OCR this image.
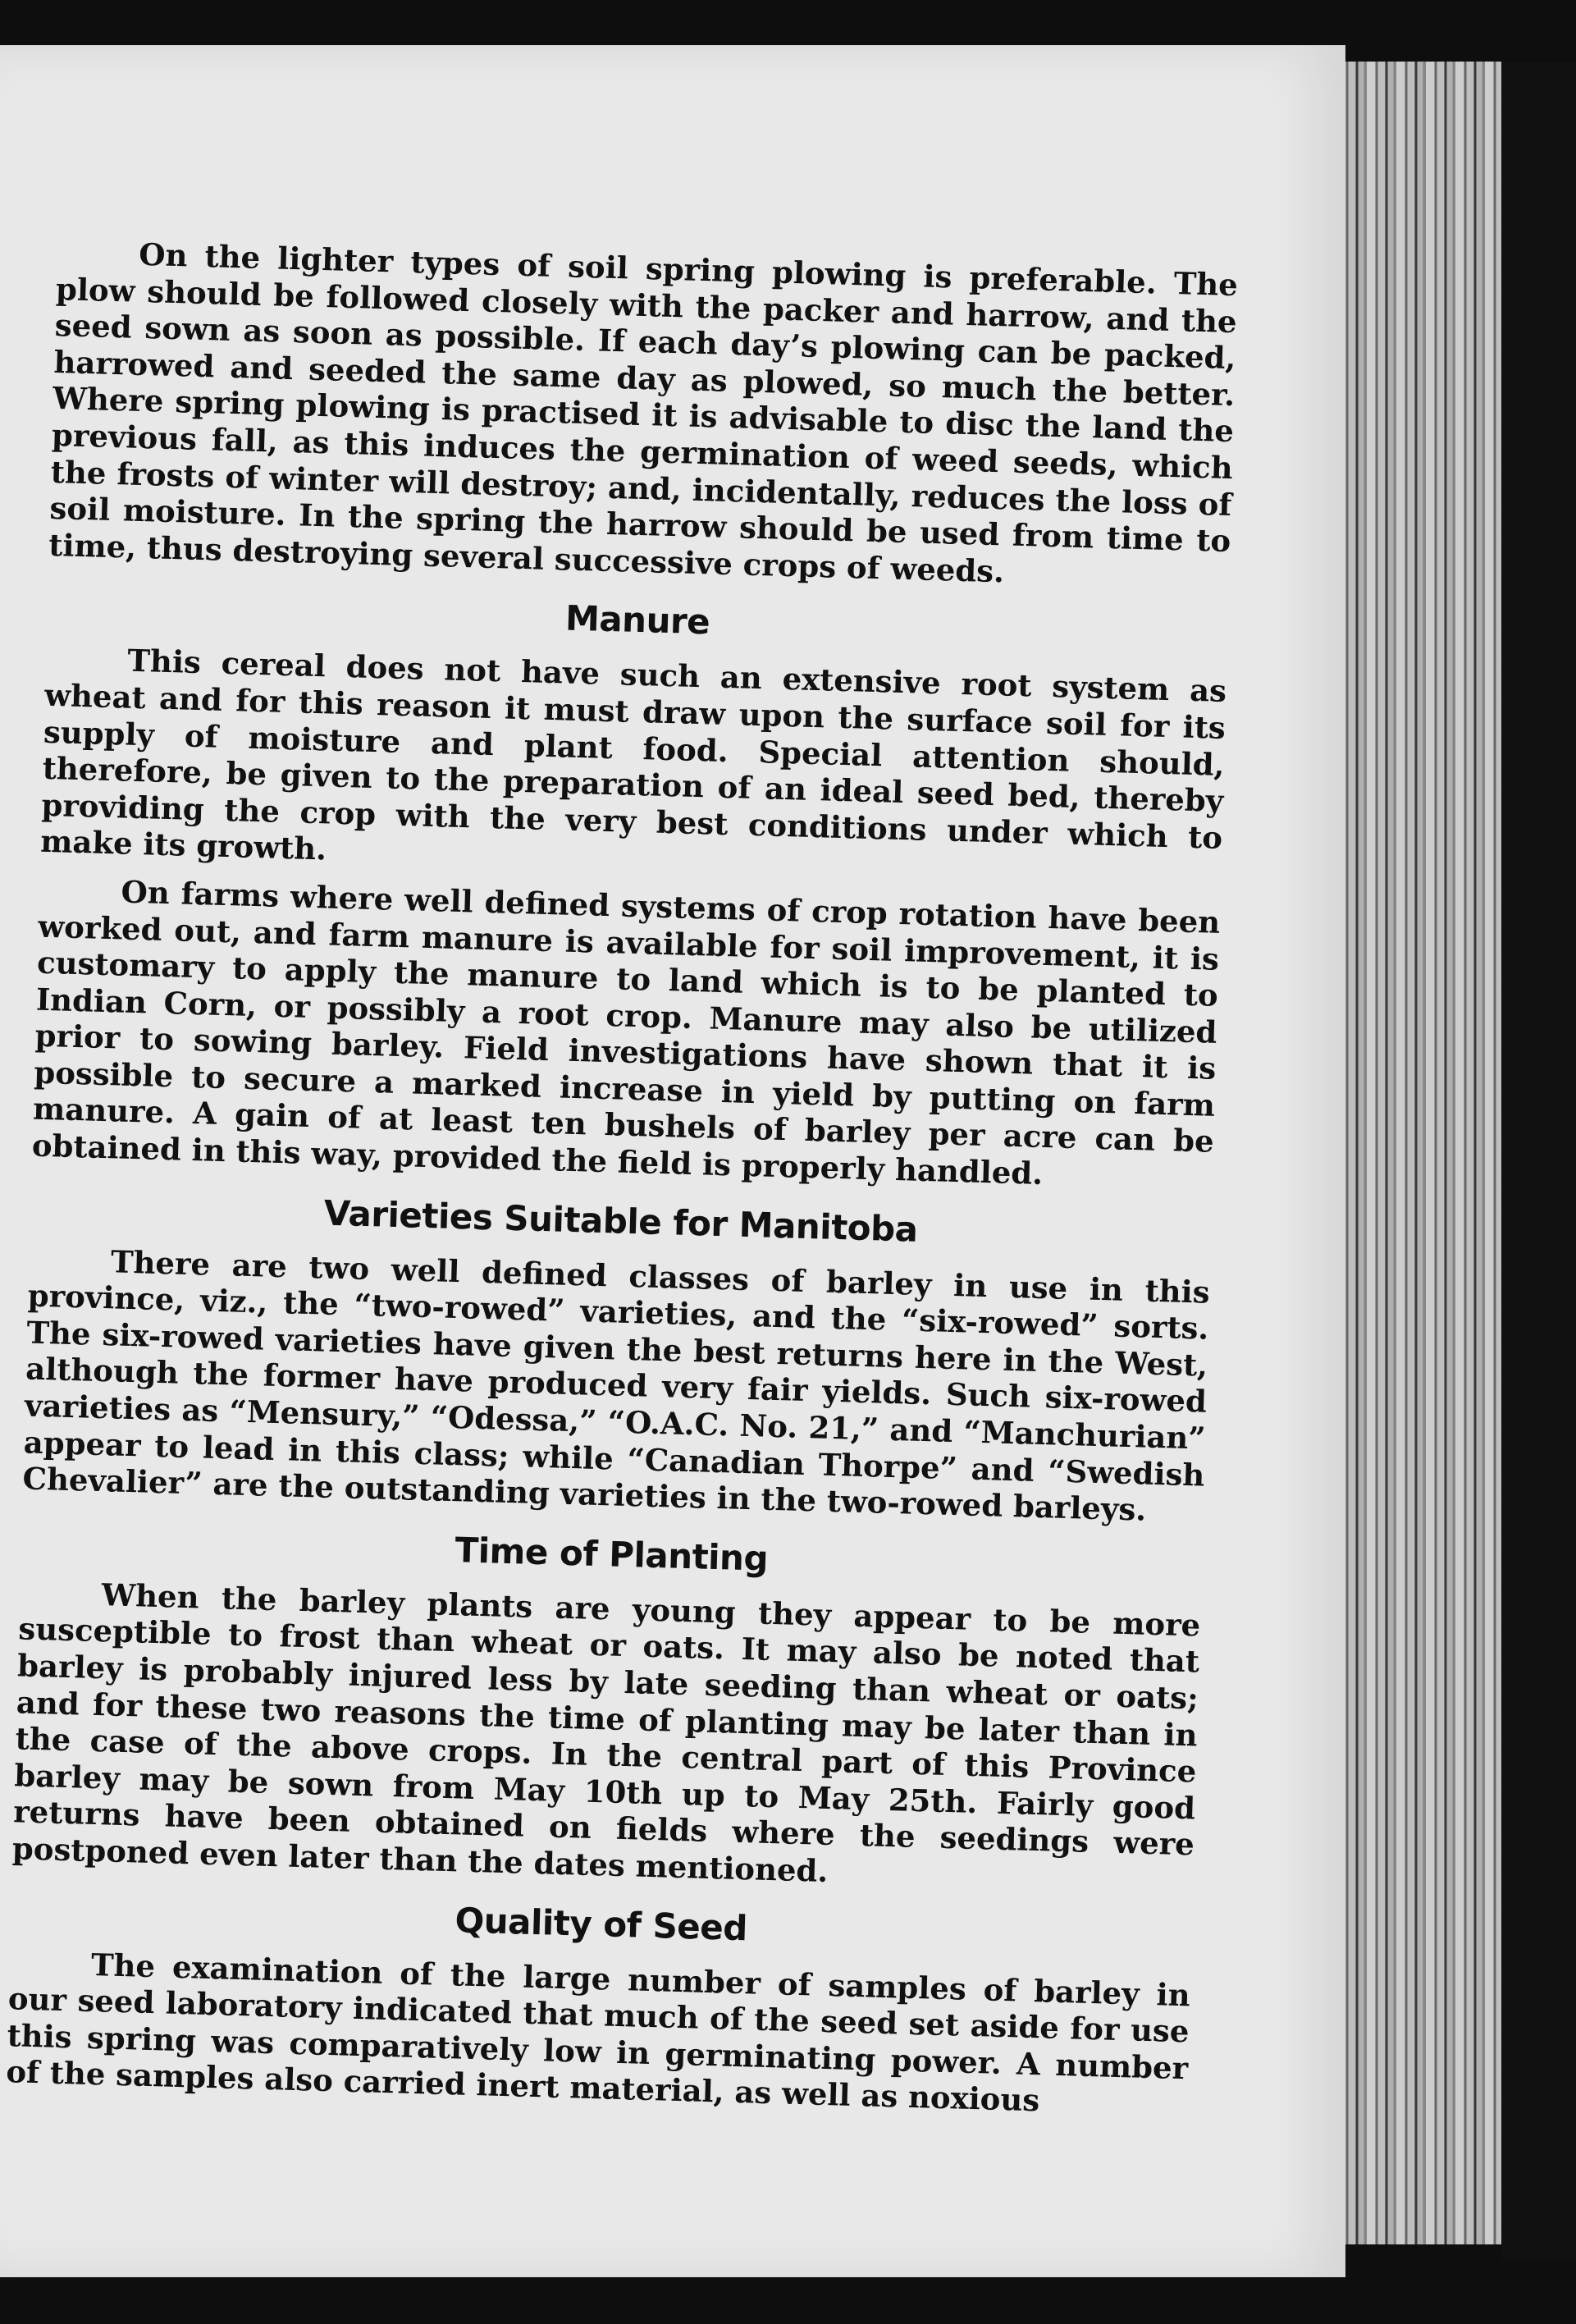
On the lighter types of soil spring plowing is preferable. The plow should be followed closely with the packer and harrow, and the seed sown as soon as possible. If each day’s plowing can be packed, harrowed and seeded the same day as plowed, so much the better. Where spring plowing is practised it is advisable to disc the land the previous fall, as this induces the germination of weed seeds, which the frosts of winter will destroy; and, incidentally, reduces the loss of soil moisture. In the spring the harrow should be used from time to time, thus destroying several successive crops of weeds.

Manure

This cereal does not have such an extensive root system as wheat and for this reason it must draw upon the surface soil for its supply of moisture and plant food. Special attention should, therefore, be given to the preparation of an ideal seed bed, thereby providing the crop with the very best conditions under which to make its growth.

On farms where well defined systems of crop rotation have been worked out, and farm manure is available for soil improvement, it is customary to apply the manure to land which is to be planted to Indian Corn, or possibly a root crop. Manure may also be utilized prior to sowing barley. Field investigations have shown that it is possible to secure a marked increase in yield by putting on farm manure. A gain of at least ten bushels of barley per acre can be obtained in this way, provided the field is properly handled.

Varieties Suitable for Manitoba

There are two well defined classes of barley in use in this province, viz., the “two-rowed” varieties, and the “six-rowed” sorts. The six-rowed varieties have given the best returns here in the West, although the former have produced very fair yields. Such six-rowed varieties as “Mensury,” “Odessa,” “O.A.C. No. 21,” and “Manchurian” appear to lead in this class; while “Canadian Thorpe” and “Swedish Chevalier” are the outstanding varieties in the two-rowed barleys.

Time of Planting

When the barley plants are young they appear to be more susceptible to frost than wheat or oats. It may also be noted that barley is probably injured less by late seeding than wheat or oats; and for these two reasons the time of planting may be later than in the case of the above crops. In the central part of this Province barley may be sown from May 10th up to May 25th. Fairly good returns have been obtained on fields where the seedings were postponed even later than the dates mentioned.

Quality of Seed

The examination of the large number of samples of barley in our seed laboratory indicated that much of the seed set aside for use this spring was comparatively low in germinating power. A number of the samples also carried inert material, as well as noxious
